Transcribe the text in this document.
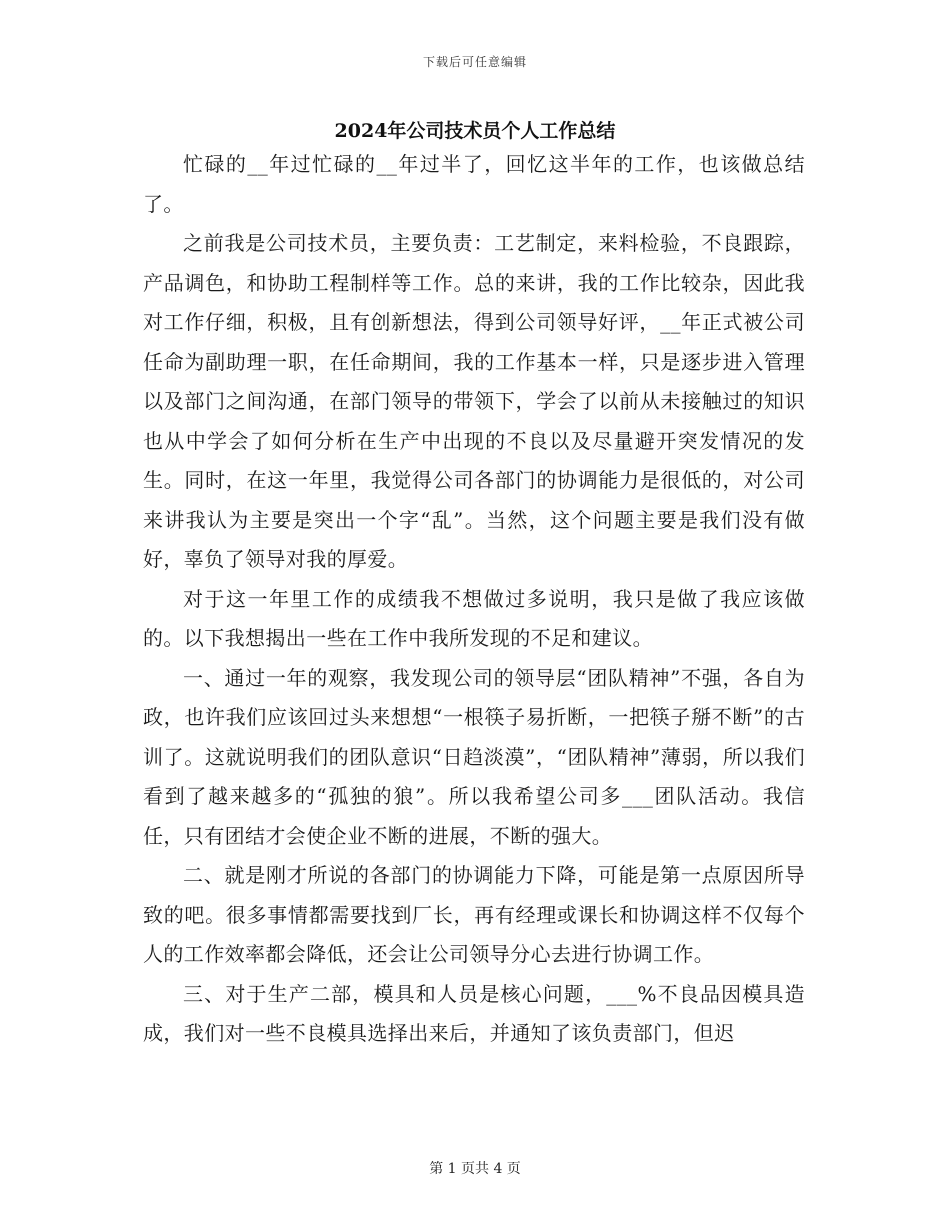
下载后可任意编辑
2024年公司技术员个人工作总结

忙碌的__年过忙碌的__年过半了，回忆这半年的工作，也该做总结了。

之前我是公司技术员，主要负责：工艺制定，来料检验，不良跟踪，产品调色，和协助工程制样等工作。总的来讲，我的工作比较杂，因此我对工作仔细，积极，且有创新想法，得到公司领导好评，__年正式被公司任命为副助理一职，在任命期间，我的工作基本一样，只是逐步进入管理以及部门之间沟通，在部门领导的带领下，学会了以前从未接触过的知识也从中学会了如何分析在生产中出现的不良以及尽量避开突发情况的发生。同时，在这一年里，我觉得公司各部门的协调能力是很低的，对公司来讲我认为主要是突出一个字“乱”。当然，这个问题主要是我们没有做好，辜负了领导对我的厚爱。

对于这一年里工作的成绩我不想做过多说明，我只是做了我应该做的。以下我想揭出一些在工作中我所发现的不足和建议。

一、通过一年的观察，我发现公司的领导层“团队精神”不强，各自为政，也许我们应该回过头来想想“一根筷子易折断，一把筷子掰不断”的古训了。这就说明我们的团队意识“日趋淡漠”，“团队精神”薄弱，所以我们看到了越来越多的“孤独的狼”。所以我希望公司多___团队活动。我信任，只有团结才会使企业不断的进展，不断的强大。

二、就是刚才所说的各部门的协调能力下降，可能是第一点原因所导致的吧。很多事情都需要找到厂长，再有经理或课长和协调这样不仅每个人的工作效率都会降低，还会让公司领导分心去进行协调工作。

三、对于生产二部，模具和人员是核心问题，___%不良品因模具造成，我们对一些不良模具选择出来后，并通知了该负责部门，但迟

第 1 页共 4 页
